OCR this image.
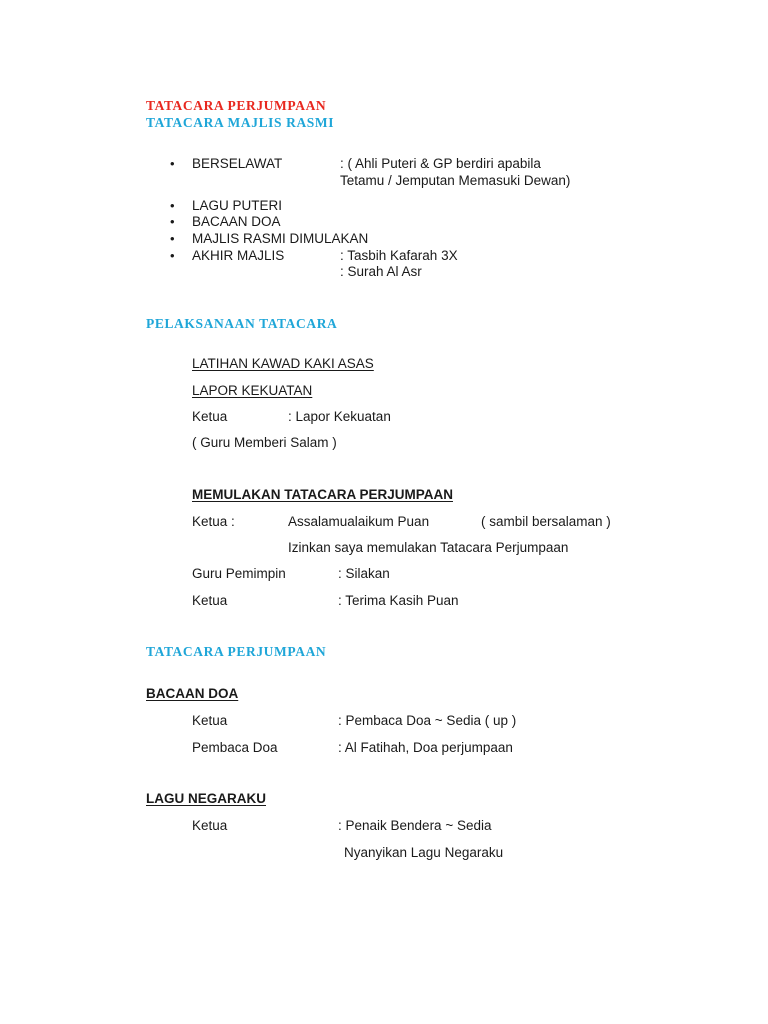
TATACARA PERJUMPAAN
TATACARA MAJLIS RASMI
• BERSELAWAT	: ( Ahli Puteri & GP berdiri apabila
Tetamu / Jemputan Memasuki Dewan)
• LAGU PUTERI
• BACAAN DOA
• MAJLIS RASMI DIMULAKAN
• AKHIR MAJLIS	: Tasbih Kafarah 3X
: Surah Al Asr
PELAKSANAAN TATACARA
LATIHAN KAWAD KAKI ASAS
LAPOR KEKUATAN
Ketua	: Lapor Kekuatan
( Guru Memberi Salam )
MEMULAKAN TATACARA PERJUMPAAN
Ketua :	Assalamualaikum Puan	( sambil bersalaman )
Izinkan saya memulakan Tatacara Perjumpaan
Guru Pemimpin	: Silakan
Ketua	: Terima Kasih Puan
TATACARA PERJUMPAAN
BACAAN DOA
Ketua	: Pembaca Doa ~ Sedia ( up )
Pembaca Doa	: Al Fatihah, Doa perjumpaan
LAGU NEGARAKU
Ketua	: Penaik Bendera ~ Sedia
Nyanyikan Lagu Negaraku
